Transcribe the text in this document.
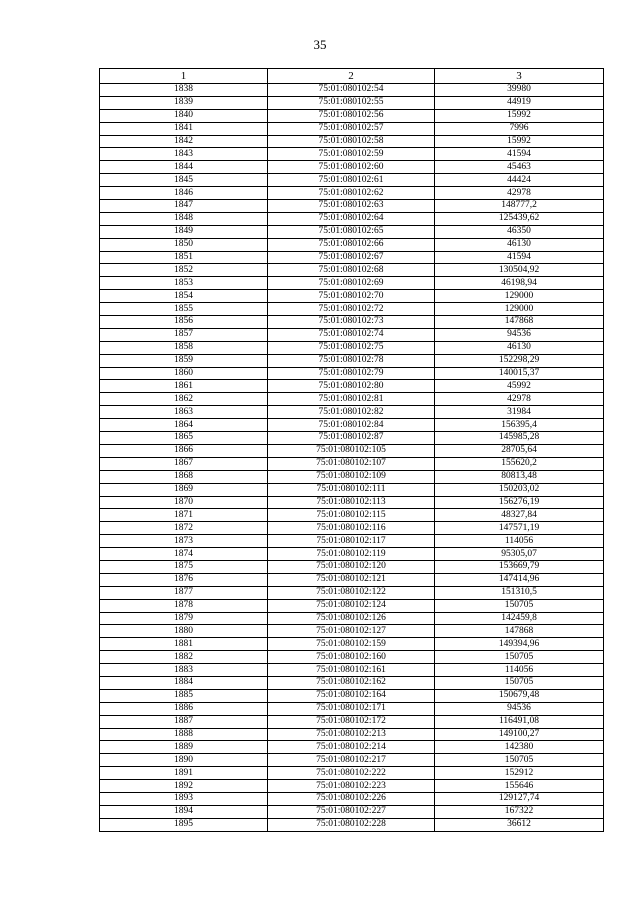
35
1	2	3
1838	75:01:080102:54	39980
1839	75:01:080102:55	44919
1840	75:01:080102:56	15992
1841	75:01:080102:57	7996
1842	75:01:080102:58	15992
1843	75:01:080102:59	41594
1844	75:01:080102:60	45463
1845	75:01:080102:61	44424
1846	75:01:080102:62	42978
1847	75:01:080102:63	148777,2
1848	75:01:080102:64	125439,62
1849	75:01:080102:65	46350
1850	75:01:080102:66	46130
1851	75:01:080102:67	41594
1852	75:01:080102:68	130504,92
1853	75:01:080102:69	46198,94
1854	75:01:080102:70	129000
1855	75:01:080102:72	129000
1856	75:01:080102:73	147868
1857	75:01:080102:74	94536
1858	75:01:080102:75	46130
1859	75:01:080102:78	152298,29
1860	75:01:080102:79	140015,37
1861	75:01:080102:80	45992
1862	75:01:080102:81	42978
1863	75:01:080102:82	31984
1864	75:01:080102:84	156395,4
1865	75:01:080102:87	145985,28
1866	75:01:080102:105	28705,64
1867	75:01:080102:107	155620,2
1868	75:01:080102:109	80813,48
1869	75:01:080102:111	150203,02
1870	75:01:080102:113	156276,19
1871	75:01:080102:115	48327,84
1872	75:01:080102:116	147571,19
1873	75:01:080102:117	114056
1874	75:01:080102:119	95305,07
1875	75:01:080102:120	153669,79
1876	75:01:080102:121	147414,96
1877	75:01:080102:122	151310,5
1878	75:01:080102:124	150705
1879	75:01:080102:126	142459,8
1880	75:01:080102:127	147868
1881	75:01:080102:159	149394,96
1882	75:01:080102:160	150705
1883	75:01:080102:161	114056
1884	75:01:080102:162	150705
1885	75:01:080102:164	150679,48
1886	75:01:080102:171	94536
1887	75:01:080102:172	116491,08
1888	75:01:080102:213	149100,27
1889	75:01:080102:214	142380
1890	75:01:080102:217	150705
1891	75:01:080102:222	152912
1892	75:01:080102:223	155646
1893	75:01:080102:226	129127,74
1894	75:01:080102:227	167322
1895	75:01:080102:228	36612
